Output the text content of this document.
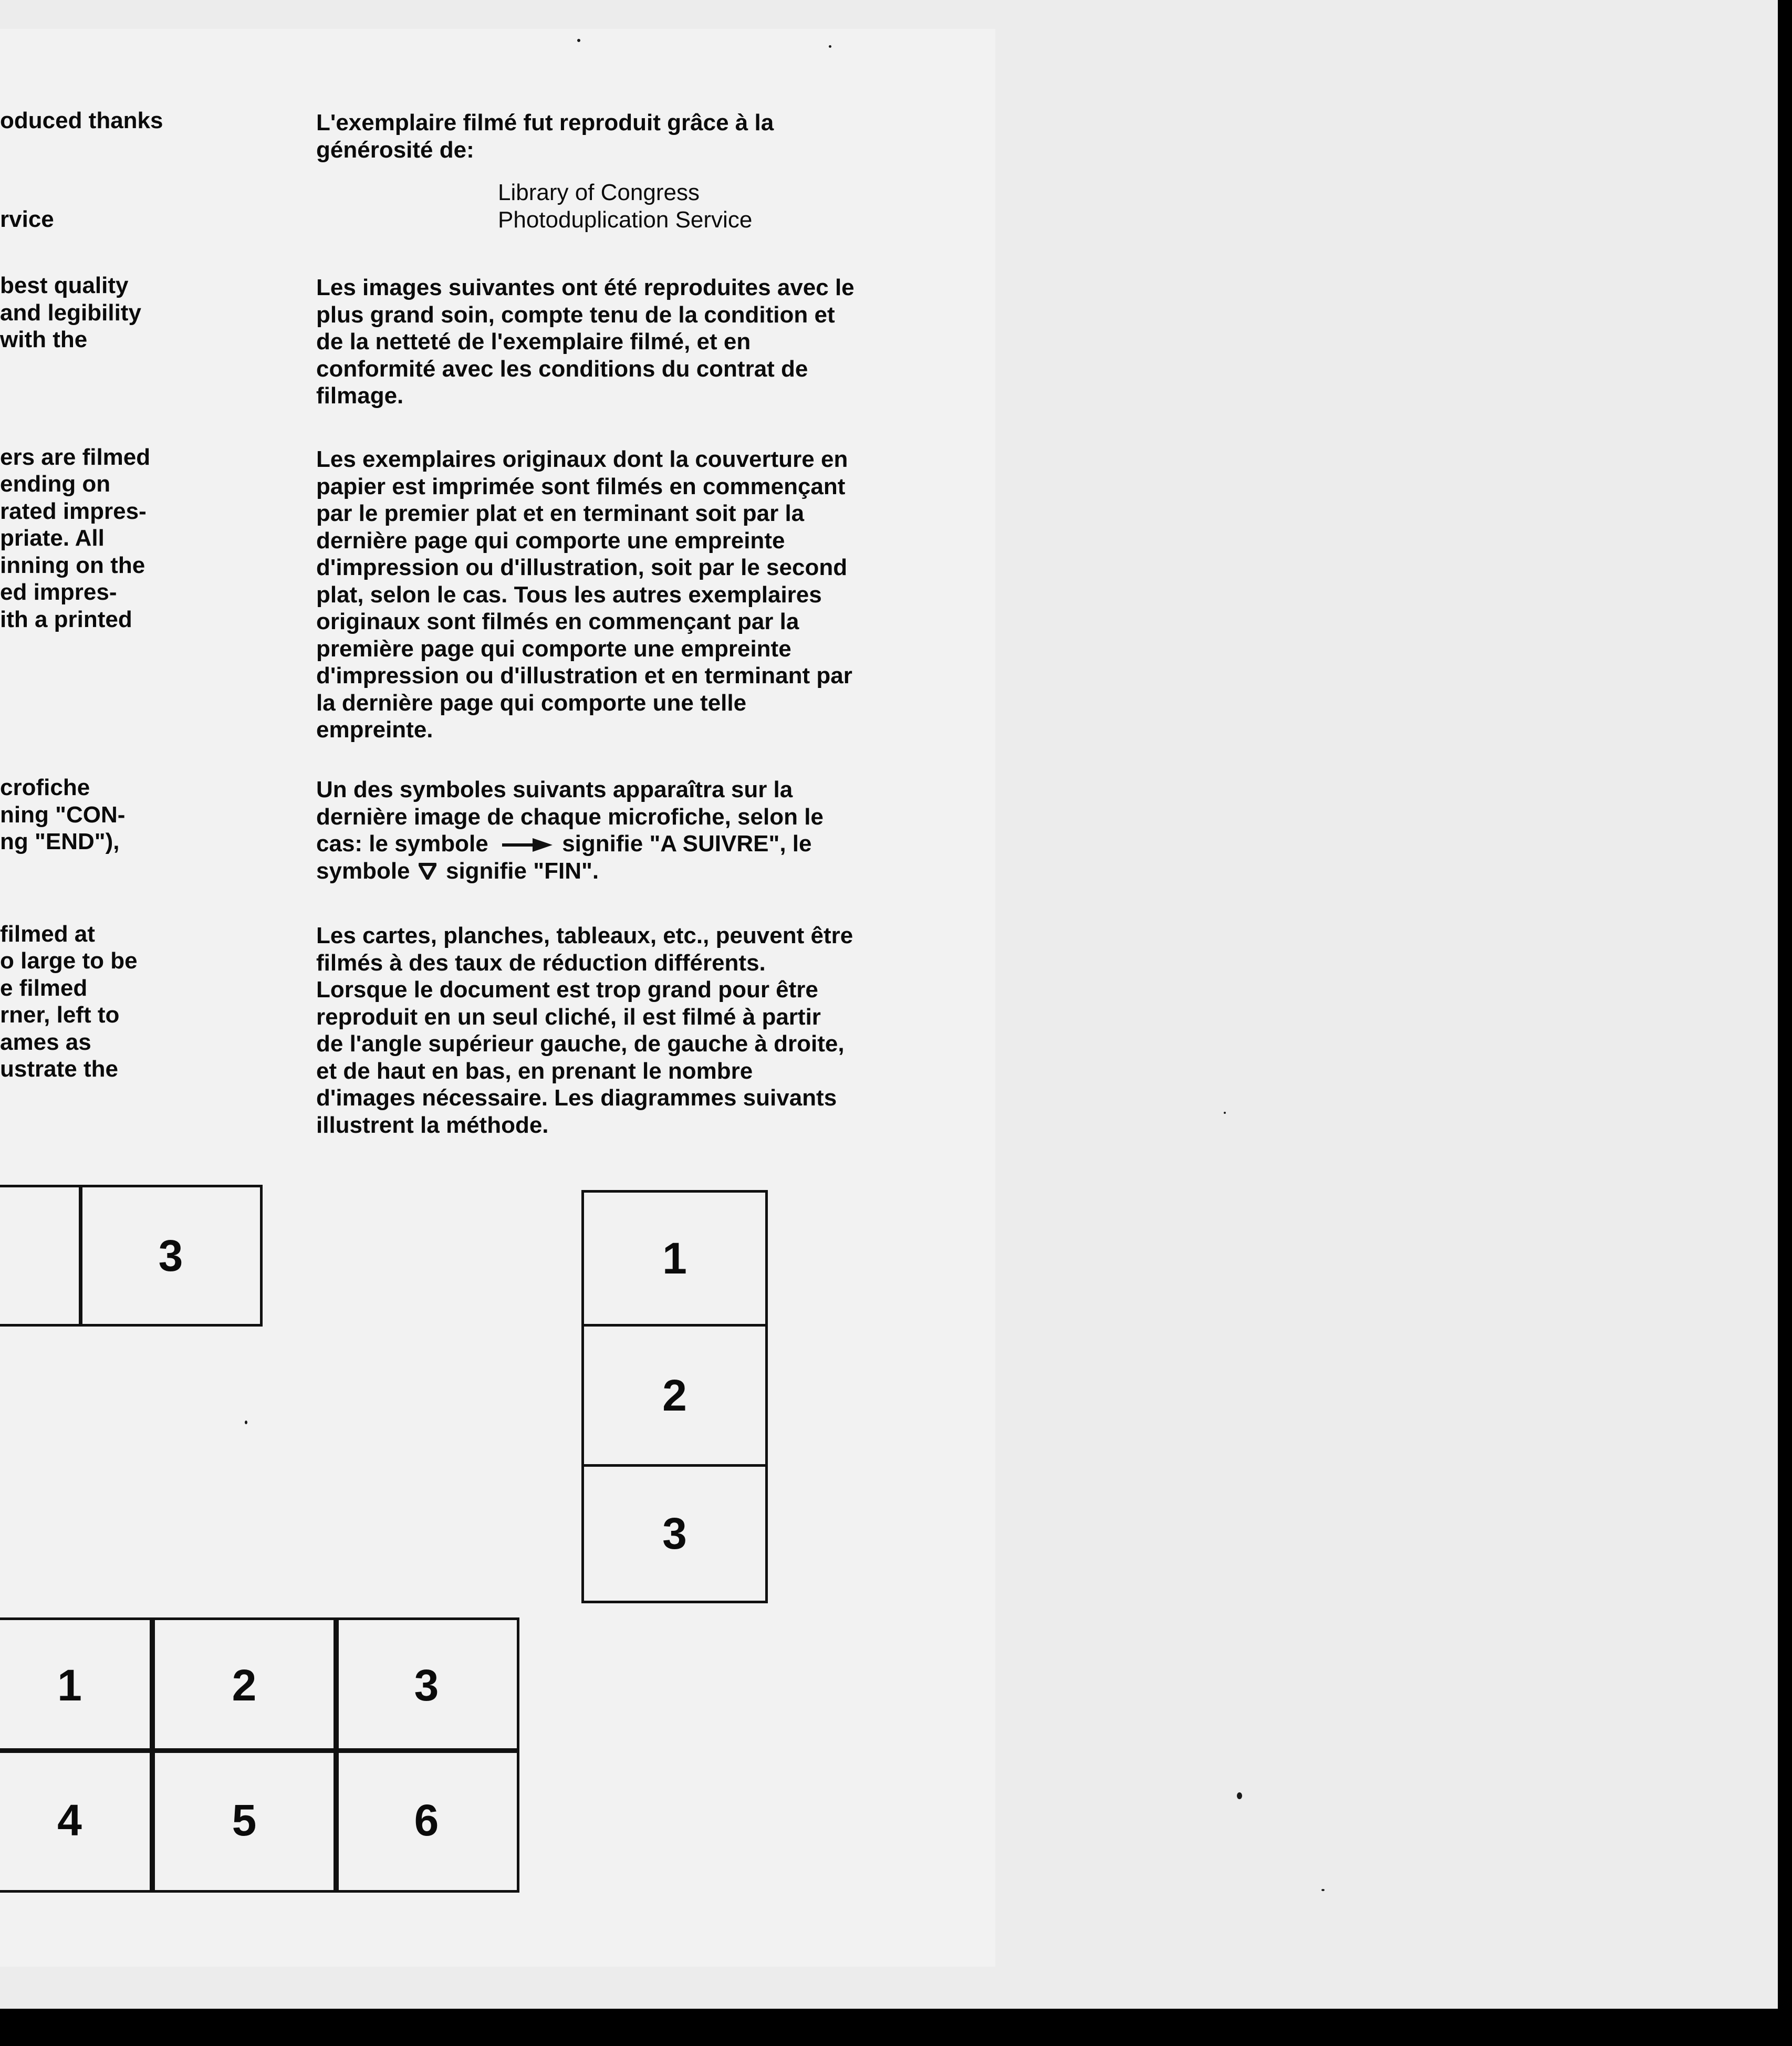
oduced thanks
rvice
best quality
and legibility
with the
ers are filmed
ending on
rated impres-
priate. All
inning on the
ed impres-
ith a printed
crofiche
ning "CON-
ng "END"),
filmed at
o large to be
e filmed
rner, left to
ames as
ustrate the
L'exemplaire filmé fut reproduit grâce à la
générosité de:
Library of Congress
Photoduplication Service
Les images suivantes ont été reproduites avec le
plus grand soin, compte tenu de la condition et
de la netteté de l'exemplaire filmé, et en
conformité avec les conditions du contrat de
filmage.
Les exemplaires originaux dont la couverture en
papier est imprimée sont filmés en commençant
par le premier plat et en terminant soit par la
dernière page qui comporte une empreinte
d'impression ou d'illustration, soit par le second
plat, selon le cas. Tous les autres exemplaires
originaux sont filmés en commençant par la
première page qui comporte une empreinte
d'impression ou d'illustration et en terminant par
la dernière page qui comporte une telle
empreinte.
Un des symboles suivants apparaîtra sur la
dernière image de chaque microfiche, selon le
cas: le symbole	signifie "A SUIVRE", le
symbole signifie "FIN".
Les cartes, planches, tableaux, etc., peuvent être
filmés à des taux de réduction différents.
Lorsque le document est trop grand pour être
reproduit en un seul cliché, il est filmé à partir
de l'angle supérieur gauche, de gauche à droite,
et de haut en bas, en prenant le nombre
d'images nécessaire. Les diagrammes suivants
illustrent la méthode.
3	1
2
3
1	2	3
4	5	6
